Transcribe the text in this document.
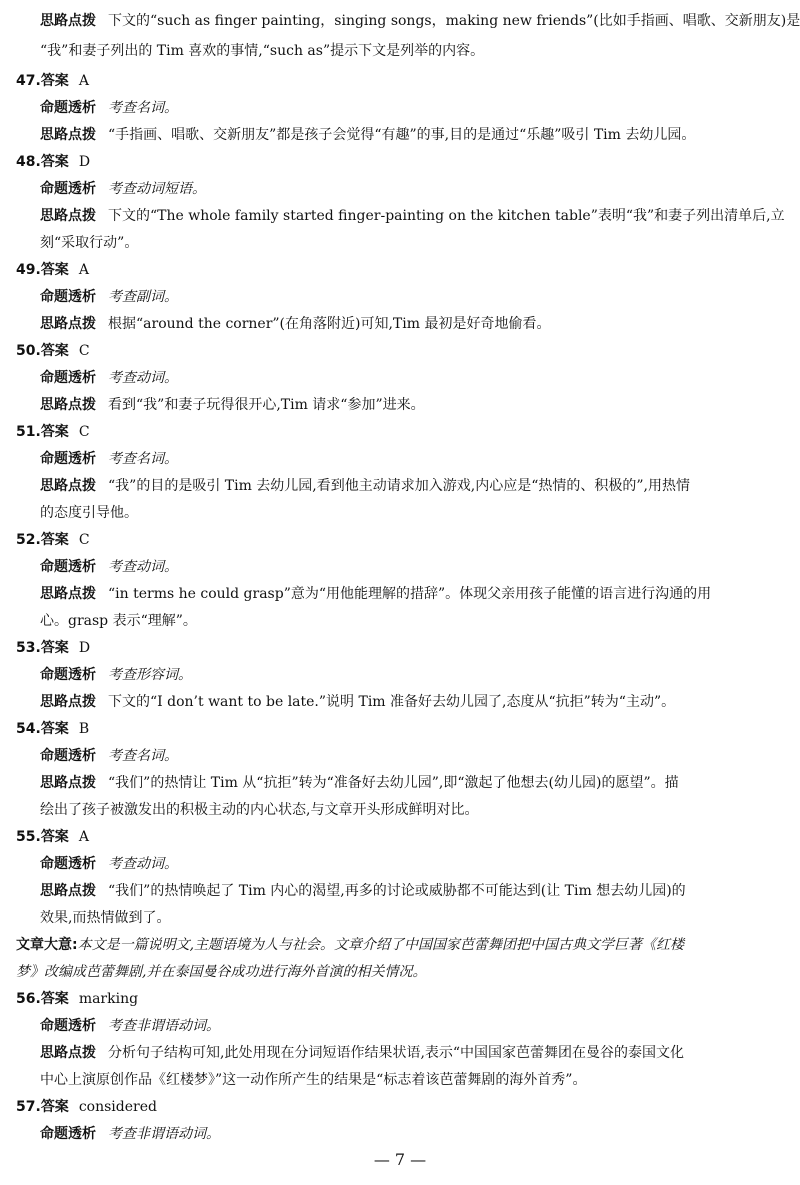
思路点拨 下文的“such as finger painting，singing songs，making new friends”(比如手指画、唱歌、交新朋友)是
“我”和妻子列出的 Tim 喜欢的事情,“such as”提示下文是列举的内容。
47.答案 A
命题透析 考查名词。
思路点拨 “手指画、唱歌、交新朋友”都是孩子会觉得“有趣”的事,目的是通过“乐趣”吸引 Tim 去幼儿园。
48.答案 D
命题透析 考查动词短语。
思路点拨 下文的“The whole family started finger-painting on the kitchen table”表明“我”和妻子列出清单后,立
刻“采取行动”。
49.答案 A
命题透析 考查副词。
思路点拨 根据“around the corner”(在角落附近)可知,Tim 最初是好奇地偷看。
50.答案 C
命题透析 考查动词。
思路点拨 看到“我”和妻子玩得很开心,Tim 请求“参加”进来。
51.答案 C
命题透析 考查名词。
思路点拨 “我”的目的是吸引 Tim 去幼儿园,看到他主动请求加入游戏,内心应是“热情的、积极的”,用热情
的态度引导他。
52.答案 C
命题透析 考查动词。
思路点拨 “in terms he could grasp”意为“用他能理解的措辞”。体现父亲用孩子能懂的语言进行沟通的用
心。grasp 表示“理解”。
53.答案 D
命题透析 考查形容词。
思路点拨 下文的“I don’t want to be late.”说明 Tim 准备好去幼儿园了,态度从“抗拒”转为“主动”。
54.答案 B
命题透析 考查名词。
思路点拨 “我们”的热情让 Tim 从“抗拒”转为“准备好去幼儿园”,即“激起了他想去(幼儿园)的愿望”。描
绘出了孩子被激发出的积极主动的内心状态,与文章开头形成鲜明对比。
55.答案 A
命题透析 考查动词。
思路点拨 “我们”的热情唤起了 Tim 内心的渴望,再多的讨论或威胁都不可能达到(让 Tim 想去幼儿园)的
效果,而热情做到了。
文章大意:本文是一篇说明文,主题语境为人与社会。文章介绍了中国国家芭蕾舞团把中国古典文学巨著《红楼
梦》改编成芭蕾舞剧,并在泰国曼谷成功进行海外首演的相关情况。
56.答案 marking
命题透析 考查非谓语动词。
思路点拨 分析句子结构可知,此处用现在分词短语作结果状语,表示“中国国家芭蕾舞团在曼谷的泰国文化
中心上演原创作品《红楼梦》”这一动作所产生的结果是“标志着该芭蕾舞剧的海外首秀”。
57.答案 considered
命题透析 考查非谓语动词。
— 7 —
